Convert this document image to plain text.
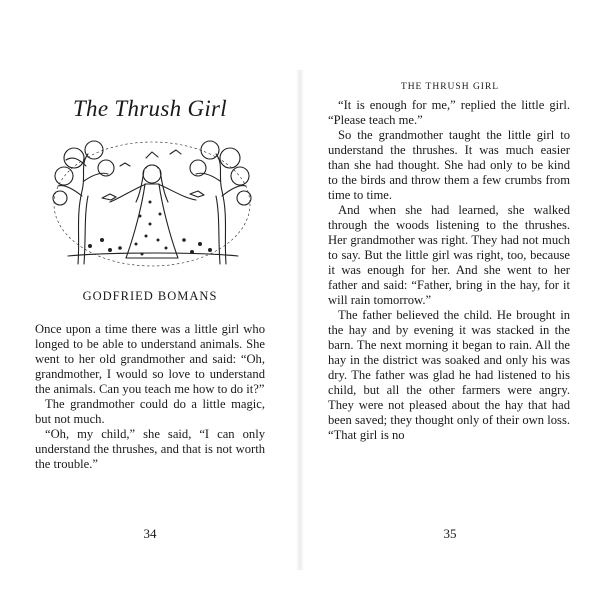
The Thrush Girl
GODFRIED BOMANS

Once upon a time there was a little girl who longed to be able to understand animals. She went to her old grandmother and said: “Oh, grandmother, I would so love to understand the animals. Can you teach me how to do it?”

The grandmother could do a little magic, but not much.

“Oh, my child,” she said, “I can only understand the thrushes, and that is not worth the trouble.”

34
THE THRUSH GIRL

“It is enough for me,” replied the little girl. “Please teach me.”

So the grandmother taught the little girl to understand the thrushes. It was much easier than she had thought. She had only to be kind to the birds and throw them a few crumbs from time to time.

And when she had learned, she walked through the woods listening to the thrushes. Her grandmother was right. They had not much to say. But the little girl was right, too, because it was enough for her. And she went to her father and said: “Father, bring in the hay, for it will rain tomorrow.”

The father believed the child. He brought in the hay and by evening it was stacked in the barn. The next morning it began to rain. All the hay in the district was soaked and only his was dry. The father was glad he had listened to his child, but all the other farmers were angry. They were not pleased about the hay that had been saved; they thought only of their own loss. “That girl is no

35
